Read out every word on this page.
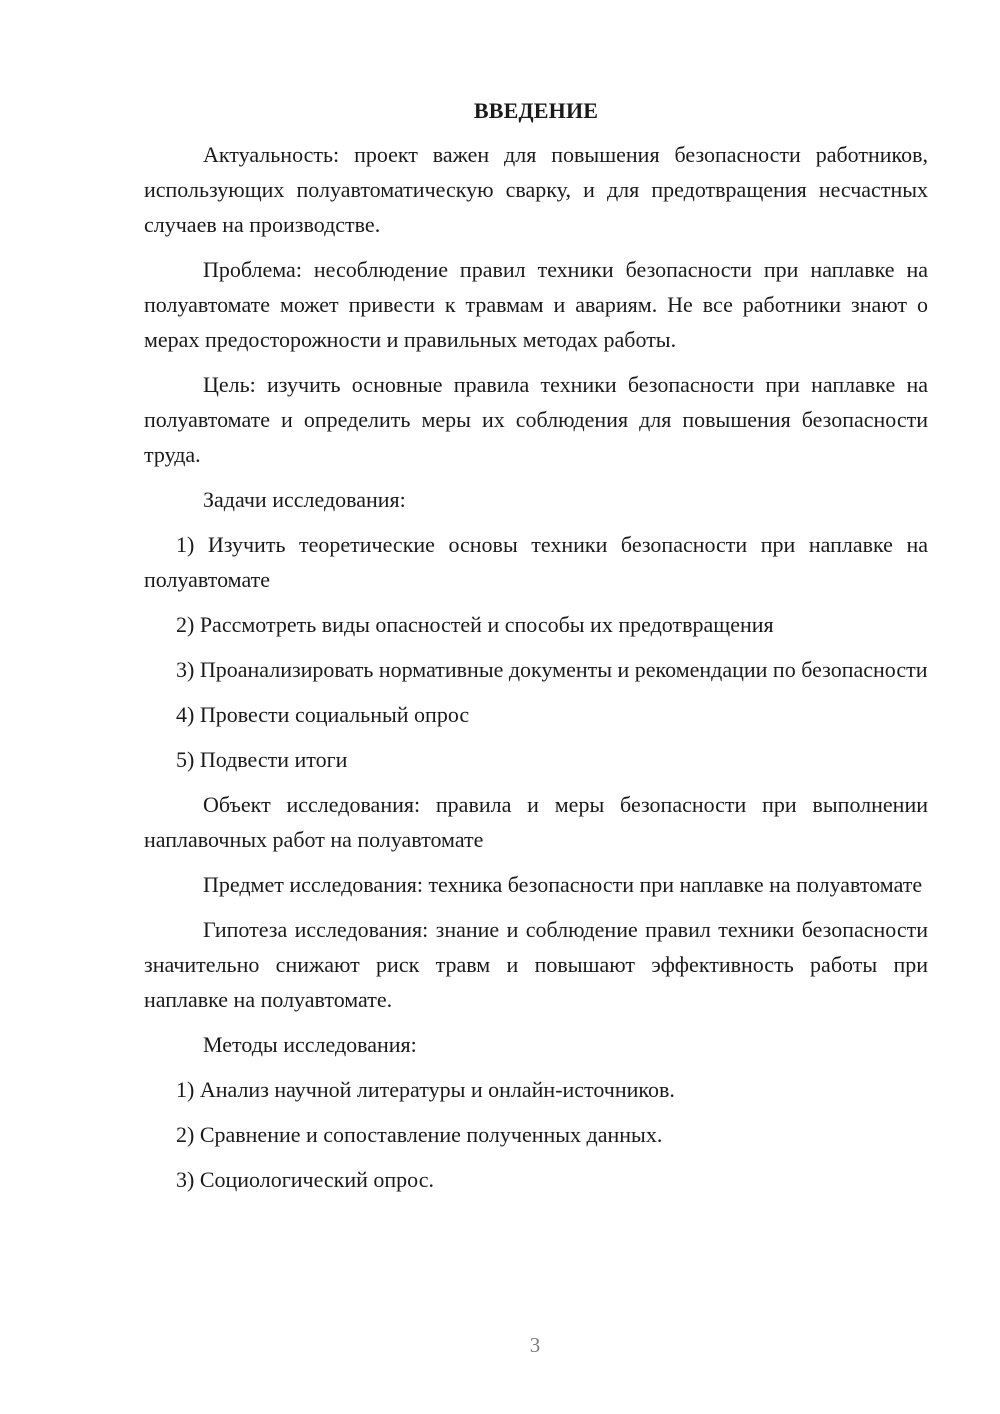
ВВЕДЕНИЕ

Актуальность: проект важен для повышения безопасности работников, использующих полуавтоматическую сварку, и для предотвращения несчастных случаев на производстве.

Проблема: несоблюдение правил техники безопасности при наплавке на полуавтомате может привести к травмам и авариям. Не все работники знают о мерах предосторожности и правильных методах работы.

Цель: изучить основные правила техники безопасности при наплавке на полуавтомате и определить меры их соблюдения для повышения безопасности труда.

Задачи исследования:

1) Изучить теоретические основы техники безопасности при наплавке на полуавтомате

2) Рассмотреть виды опасностей и способы их предотвращения

3) Проанализировать нормативные документы и рекомендации по безопасности

4) Провести социальный опрос

5) Подвести итоги

Объект исследования: правила и меры безопасности при выполнении наплавочных работ на полуавтомате

Предмет исследования: техника безопасности при наплавке на полуавтомате

Гипотеза исследования: знание и соблюдение правил техники безопасности значительно снижают риск травм и повышают эффективность работы при наплавке на полуавтомате.

Методы исследования:

1) Анализ научной литературы и онлайн-источников.

2) Сравнение и сопоставление полученных данных.

3) Социологический опрос.

3
